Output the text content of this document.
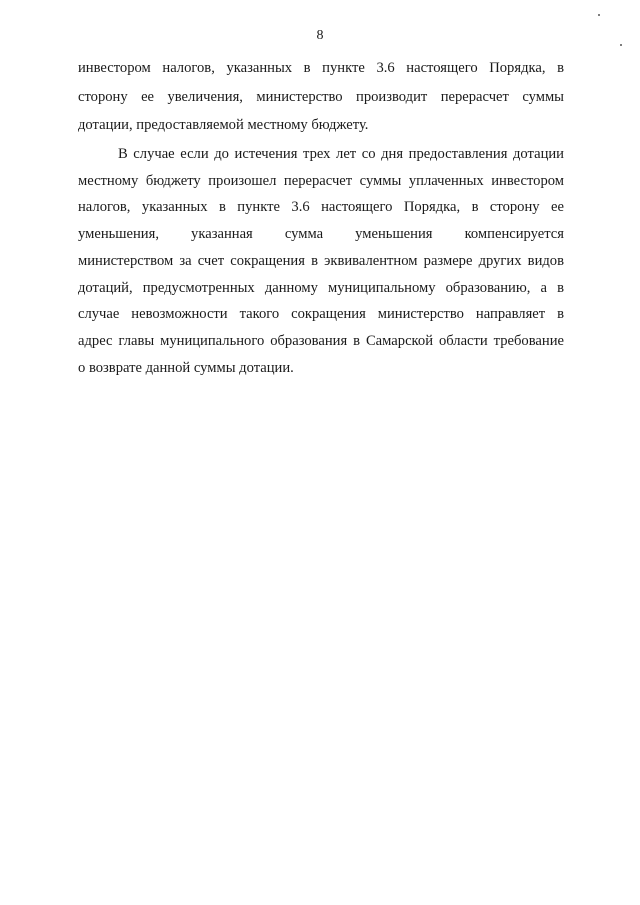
8
инвестором налогов, указанных в пункте 3.6 настоящего Порядка, в
сторону ее увеличения, министерство производит перерасчет суммы
дотации, предоставляемой местному бюджету.
В случае если до истечения трех лет со дня предоставления дотации
местному бюджету произошел перерасчет суммы уплаченных инвестором
налогов, указанных в пункте 3.6 настоящего Порядка, в сторону ее
уменьшения, указанная сумма уменьшения компенсируется
министерством за счет сокращения в эквивалентном размере других видов
дотаций, предусмотренных данному муниципальному образованию, а в
случае невозможности такого сокращения министерство направляет в
адрес главы муниципального образования в Самарской области требование
о возврате данной суммы дотации.
